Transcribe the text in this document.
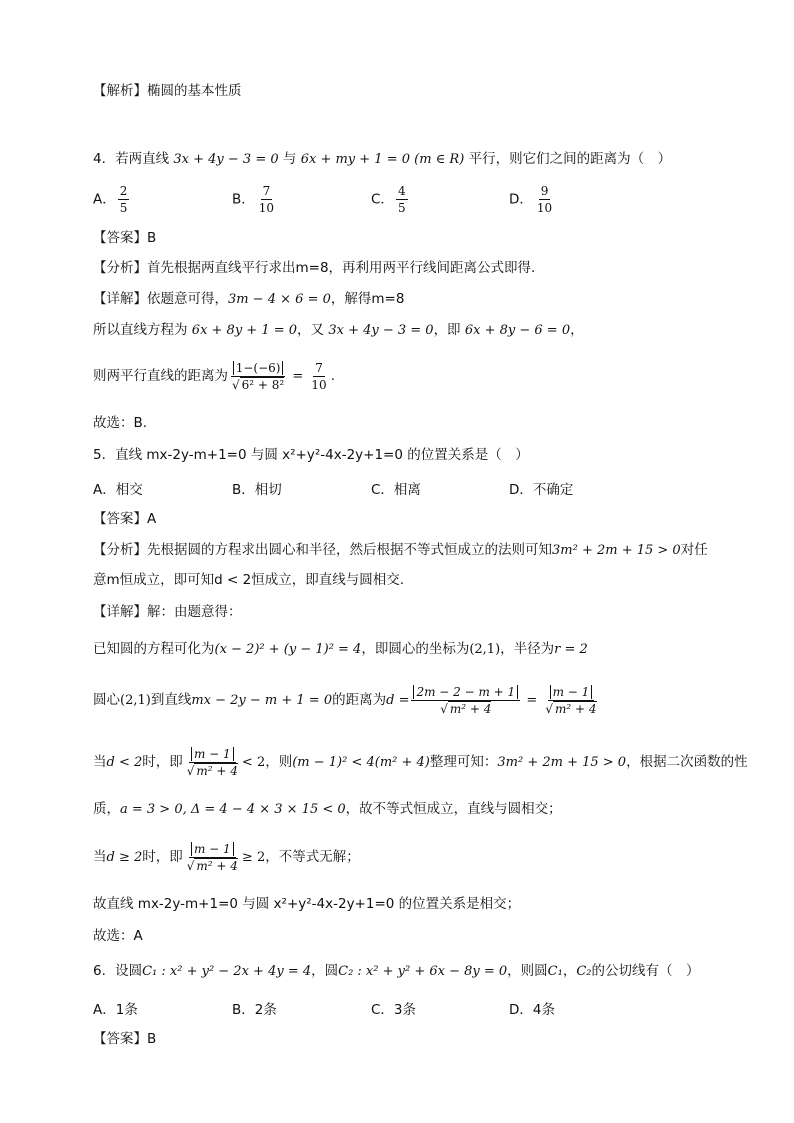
【解析】椭圆的基本性质
4．若两直线 3x + 4y − 3 = 0 与 6x + my + 1 = 0 (m ∈ R) 平行，则它们之间的距离为（　）
A． $\frac{2}{5}$	B． $\frac{7}{10}$	C． $\frac{4}{5}$	D． $\frac{9}{10}$
【答案】B
【分析】首先根据两直线平行求出m=8，再利用两平行线间距离公式即得.
【详解】依题意可得，3m − 4 × 6 = 0，解得m=8
所以直线方程为 6x + 8y + 1 = 0，又 3x + 4y − 3 = 0，即 6x + 8y − 6 = 0，
则两平行直线的距离为 $\frac{1-(-6)}{\text{√ 6² + 8²}} = \frac{7}{10}$ .
故选：B.
5．直线 mx-2y-m+1=0 与圆 x²+y²-4x-2y+1=0 的位置关系是（　）
A．相交	B．相切	C．相离	D．不确定
【答案】A
【分析】先根据圆的方程求出圆心和半径，然后根据不等式恒成立的法则可知3m² + 2m + 15 > 0对任
意m恒成立，即可知d < 2恒成立，即直线与圆相交.
【详解】解：由题意得：
已知圆的方程可化为(x − 2)² + (y − 1)² = 4，即圆心的坐标为(2,1)，半径为r = 2
圆心(2,1)到直线mx − 2y − m + 1 = 0的距离为$d = \frac{2m - 2 - m + 1}{\text{√ m² + 4}} = \frac{m - 1}{\text{√ m² + 4}}$
当d < 2时，即 $\frac{m - 1}{\text{√ m² + 4}} < 2$，则(m − 1)² < 4(m² + 4)整理可知：3m² + 2m + 15 > 0，根据二次函数的性
质，a = 3 > 0, Δ = 4 − 4 × 3 × 15 < 0，故不等式恒成立，直线与圆相交；
当d ≥ 2时，即 $\frac{m - 1}{\text{√ m² + 4}} \ge 2$，不等式无解；
故直线 mx-2y-m+1=0 与圆 x²+y²-4x-2y+1=0 的位置关系是相交；
故选：A
6．设圆C₁ : x² + y² − 2x + 4y = 4，圆C₂ : x² + y² + 6x − 8y = 0，则圆C₁，C₂的公切线有（　）
A．1条	B．2条	C．3条	D．4条
【答案】B
